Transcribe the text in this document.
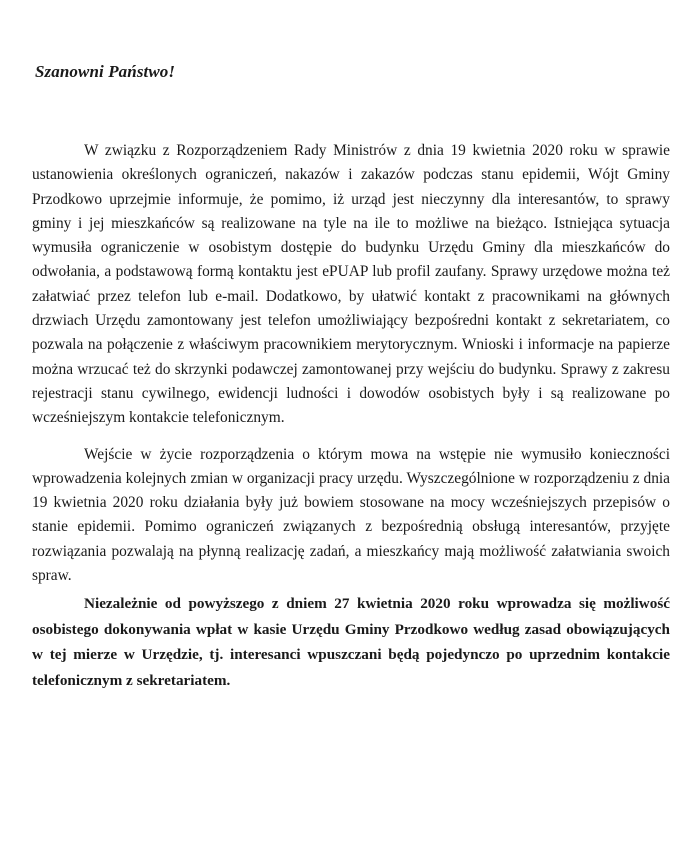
Szanowni Państwo!

W związku z Rozporządzeniem Rady Ministrów z dnia 19 kwietnia 2020 roku w sprawie ustanowienia określonych ograniczeń, nakazów i zakazów podczas stanu epidemii, Wójt Gminy Przodkowo uprzejmie informuje, że pomimo, iż urząd jest nieczynny dla interesantów, to sprawy gminy i jej mieszkańców są realizowane na tyle na ile to możliwe na bieżąco. Istniejąca sytuacja wymusiła ograniczenie w osobistym dostępie do budynku Urzędu Gminy dla mieszkańców do odwołania, a podstawową formą kontaktu jest ePUAP lub profil zaufany. Sprawy urzędowe można też załatwiać przez telefon lub e-mail. Dodatkowo, by ułatwić kontakt z pracownikami na głównych drzwiach Urzędu zamontowany jest telefon umożliwiający bezpośredni kontakt z sekretariatem, co pozwala na połączenie z właściwym pracownikiem merytorycznym. Wnioski i informacje na papierze można wrzucać też do skrzynki podawczej zamontowanej przy wejściu do budynku. Sprawy z zakresu rejestracji stanu cywilnego, ewidencji ludności i dowodów osobistych były i są realizowane po wcześniejszym kontakcie telefonicznym.

Wejście w życie rozporządzenia o którym mowa na wstępie nie wymusiło konieczności wprowadzenia kolejnych zmian w organizacji pracy urzędu. Wyszczególnione w rozporządzeniu z dnia 19 kwietnia 2020 roku działania były już bowiem stosowane na mocy wcześniejszych przepisów o stanie epidemii. Pomimo ograniczeń związanych z bezpośrednią obsługą interesantów, przyjęte rozwiązania pozwalają na płynną realizację zadań, a mieszkańcy mają możliwość załatwiania swoich spraw.

Niezależnie od powyższego z dniem 27 kwietnia 2020 roku wprowadza się możliwość osobistego dokonywania wpłat w kasie Urzędu Gminy Przodkowo według zasad obowiązujących w tej mierze w Urzędzie, tj. interesanci wpuszczani będą pojedynczo po uprzednim kontakcie telefonicznym z sekretariatem.
